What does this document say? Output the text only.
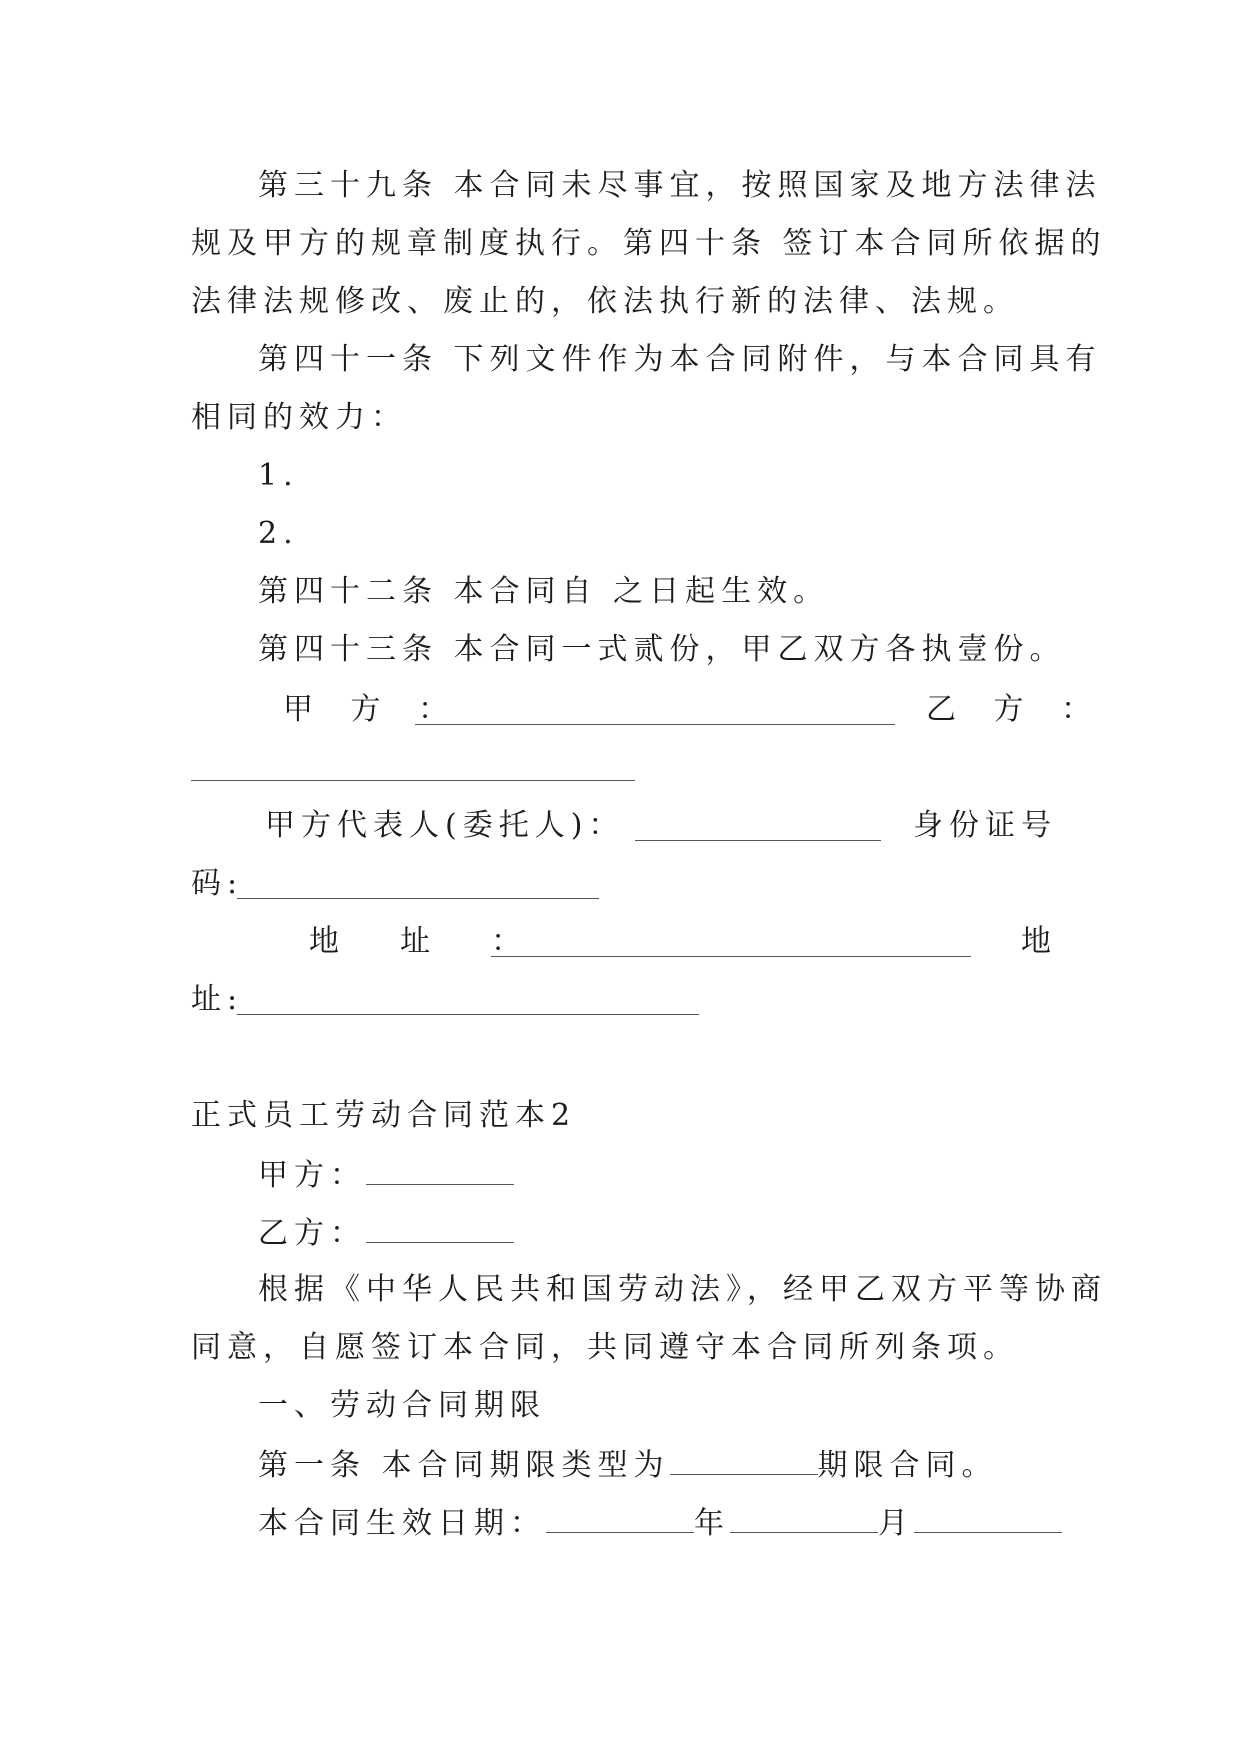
第三十九条 本合同未尽事宜，按照国家及地方法律法
规及甲方的规章制度执行。第四十条 签订本合同所依据的
法律法规修改、废止的，依法执行新的法律、法规。
第四十一条 下列文件作为本合同附件，与本合同具有
相同的效力：
1.
2.
第四十二条 本合同自 之日起生效。
第四十三条 本合同一式贰份，甲乙双方各执壹份。
甲 方 ：	乙 方 ：
甲方代表人(委托人)：	身份证号
码:
地  址  ：	地
址:
正式员工劳动合同范本2
甲方：
乙方：
根据《中华人民共和国劳动法》，经甲乙双方平等协商
同意，自愿签订本合同，共同遵守本合同所列条项。
一、劳动合同期限
第一条 本合同期限类型为	期限合同。
本合同生效日期：	年	月
